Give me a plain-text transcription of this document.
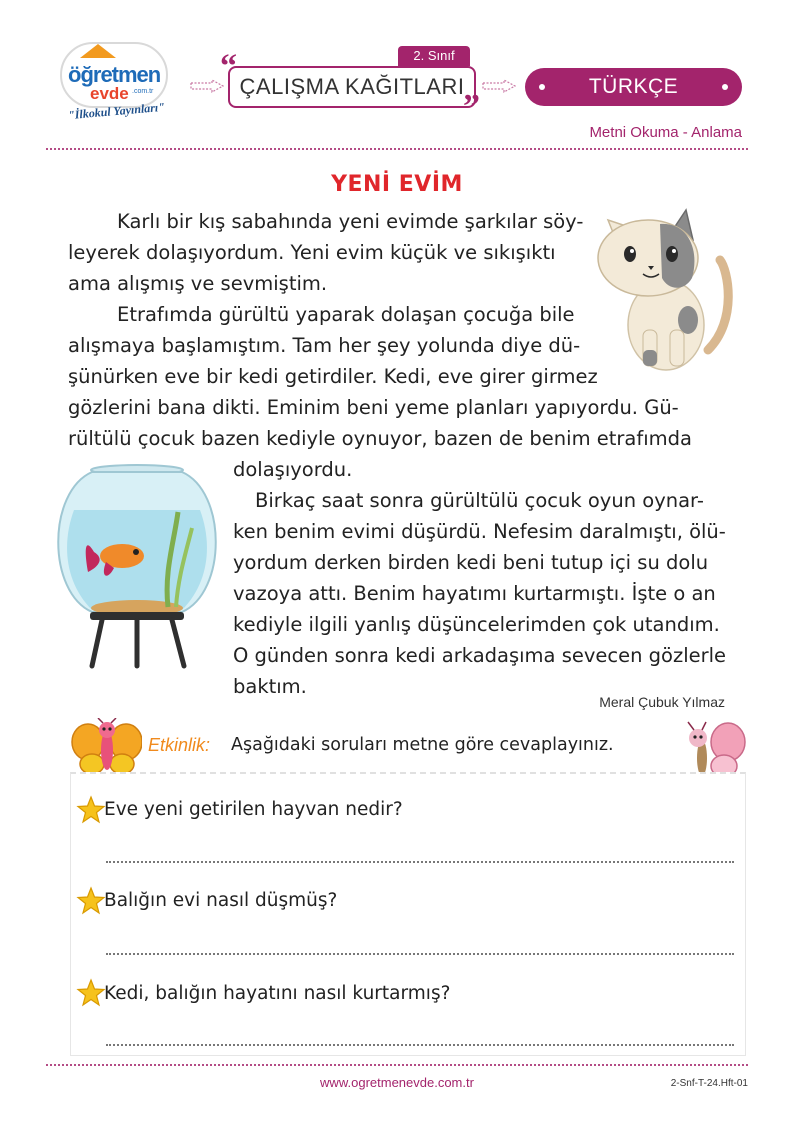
öğretmen
evde .com.tr
"İlkokul Yayınları"
2. Sınıf
ÇALIŞMA KAĞITLARI
“
”
TÜRKÇE
Metni Okuma - Anlama
YENİ EVİM
Karlı bir kış sabahında yeni evimde şarkılar söy-
leyerek dolaşıyordum. Yeni evim küçük ve sıkışıktı
ama alışmış ve sevmiştim.
Etrafımda gürültü yaparak dolaşan çocuğa bile
alışmaya başlamıştım. Tam her şey yolunda diye dü-
şünürken eve bir kedi getirdiler. Kedi, eve girer girmez
gözlerini bana dikti. Eminim beni yeme planları yapıyordu. Gü-
rültülü çocuk bazen kediyle oynuyor, bazen de benim etrafımda
dolaşıyordu.
Birkaç saat sonra gürültülü çocuk oyun oynar-
ken benim evimi düşürdü. Nefesim daralmıştı, ölü-
yordum derken birden kedi beni tutup içi su dolu
vazoya attı. Benim hayatımı kurtarmıştı. İşte o an
kediyle ilgili yanlış düşüncelerimden çok utandım.
O günden sonra kedi arkadaşıma sevecen gözlerle
baktım.
Meral Çubuk Yılmaz
Etkinlik: Aşağıdaki soruları metne göre cevaplayınız.
Eve yeni getirilen hayvan nedir?
Balığın evi nasıl düşmüş?
Kedi, balığın hayatını nasıl kurtarmış?
www.ogretmenevde.com.tr	2-Snf-T-24.Hft-01
